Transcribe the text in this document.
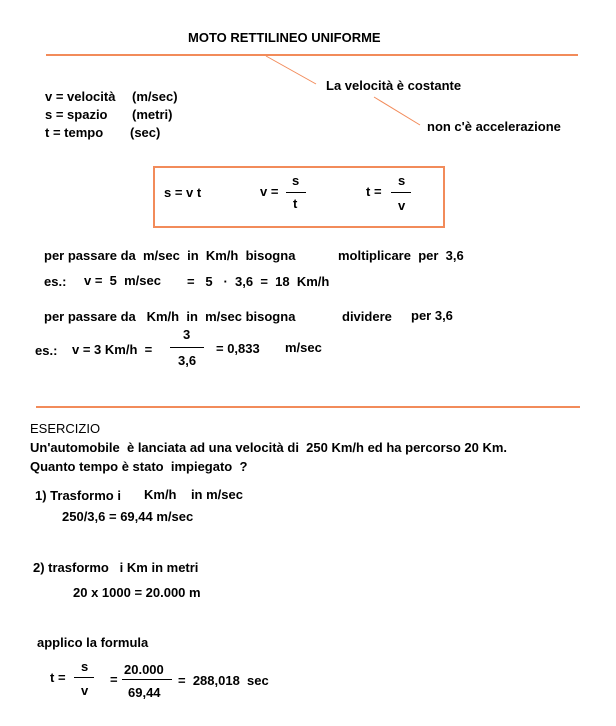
MOTO RETTILINEO UNIFORME
La velocità è costante
non c'è accelerazione
v = velocità (m/sec)
s = spazio (metri)
t = tempo (sec)
s = v t	v =
s
t
t =
s
v
per passare da  m/sec  in  Km/h  bisogna	moltiplicare  per  3,6
es.: v =  5  m/sec =   5   ·  3,6  =  18  Km/h
per passare da   Km/h  in  m/sec bisogna	dividere per 3,6
es.: v = 3 Km/h  =
3
3,6
= 0,833 m/sec
ESERCIZIO
Un'automobile  è lanciata ad una velocità di  250 Km/h ed ha percorso 20 Km.
Quanto tempo è stato  impiegato  ?
1) Trasformo i Km/h    in m/sec
250/3,6 = 69,44 m/sec
2) trasformo   i Km in metri
20 x 1000 = 20.000 m
applico la formula
t =
s
v
=
20.000
69,44
=  288,018  sec
